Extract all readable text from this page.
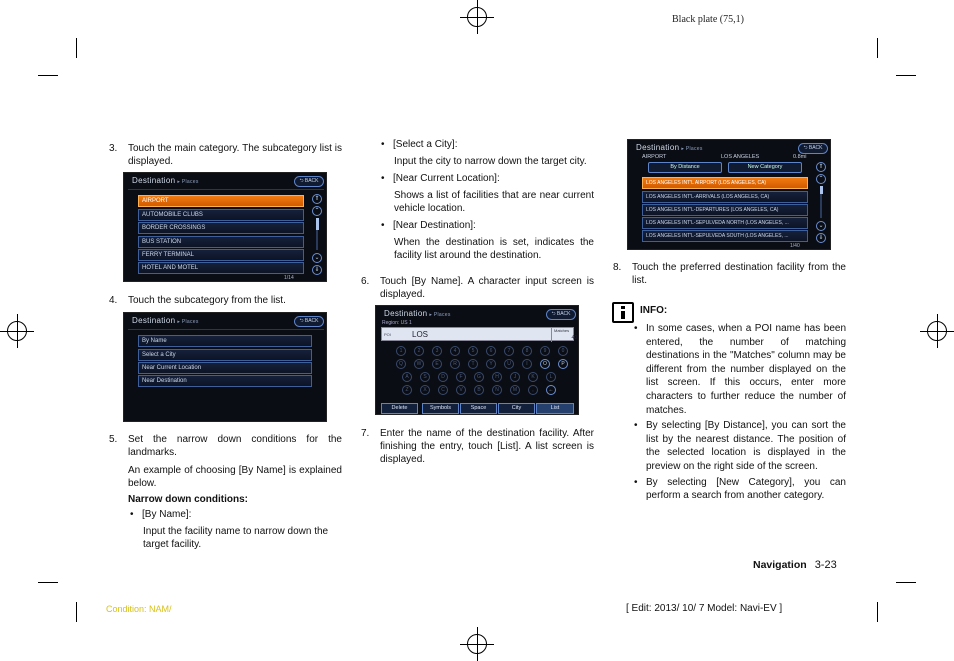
Black plate (75,1)
3. Touch the main category. The subcategory list is displayed.
Destination ▸ Places	⮌ BACK
AIRPORT
AUTOMOBILE CLUBS
BORDER CROSSINGS
BUS STATION
FERRY TERMINAL
HOTEL AND MOTEL
⇑
⌃
⌄
⇓
1/14
4. Touch the subcategory from the list.
Destination ▸ Places	⮌ BACK
By Name
Select a City
Near Current Location
Near Destination
5. Set the narrow down conditions for the landmarks.
An example of choosing [By Name] is explained below.
Narrow down conditions:
• [By Name]:
Input the facility name to narrow down the target facility.
• [Select a City]:
Input the city to narrow down the target city.
• [Near Current Location]:
Shows a list of facilities that are near current vehicle location.
• [Near Destination]:
When the destination is set, indicates the facility list around the destination.
6. Touch [By Name]. A character input screen is displayed.
Destination ▸ Places	⮌ BACK
Region: US 1
POI	LOS	Matches
40
1	2	3	4	5	6	7	8	9	0
Q	W	E	R	T	Y	U	I	O	P
A	S	D	F	G	H	J	K	L
Z	X	C	V	B	N	M	,	←
Delete	Symbols	Space	City	List
7. Enter the name of the destination facility. After finishing the entry, touch [List]. A list screen is displayed.
Destination ▸ Places	⮌ BACK
AIRPORT	LOS ANGELES	0.8mi
By Distance	New Category
LOS ANGELES INT'L AIRPORT (LOS ANGELES, CA)
LOS ANGELES INT'L-ARRIVALS (LOS ANGELES, CA)
LOS ANGELES INT'L-DEPARTURES (LOS ANGELES, CA)
LOS ANGELES INT'L-SEPULVEDA NORTH (LOS ANGELES, ...
LOS ANGELES INT'L-SEPULVEDA SOUTH (LOS ANGELES, ...
⇑
⌃
⌄
⇓
1/40
8. Touch the preferred destination facility from the list.
INFO:
• In some cases, when a POI name has been entered, the number of matching destinations in the "Matches" column may be different from the number displayed on the list screen. If this occurs, enter more characters to further reduce the number of matches.
• By selecting [By Distance], you can sort the list by the nearest distance. The position of the selected location is displayed in the preview on the right side of the screen.
• By selecting [New Category], you can perform a search from another category.
Navigation 3-23
Condition: NAM/	[ Edit: 2013/ 10/ 7 Model: Navi-EV ]
